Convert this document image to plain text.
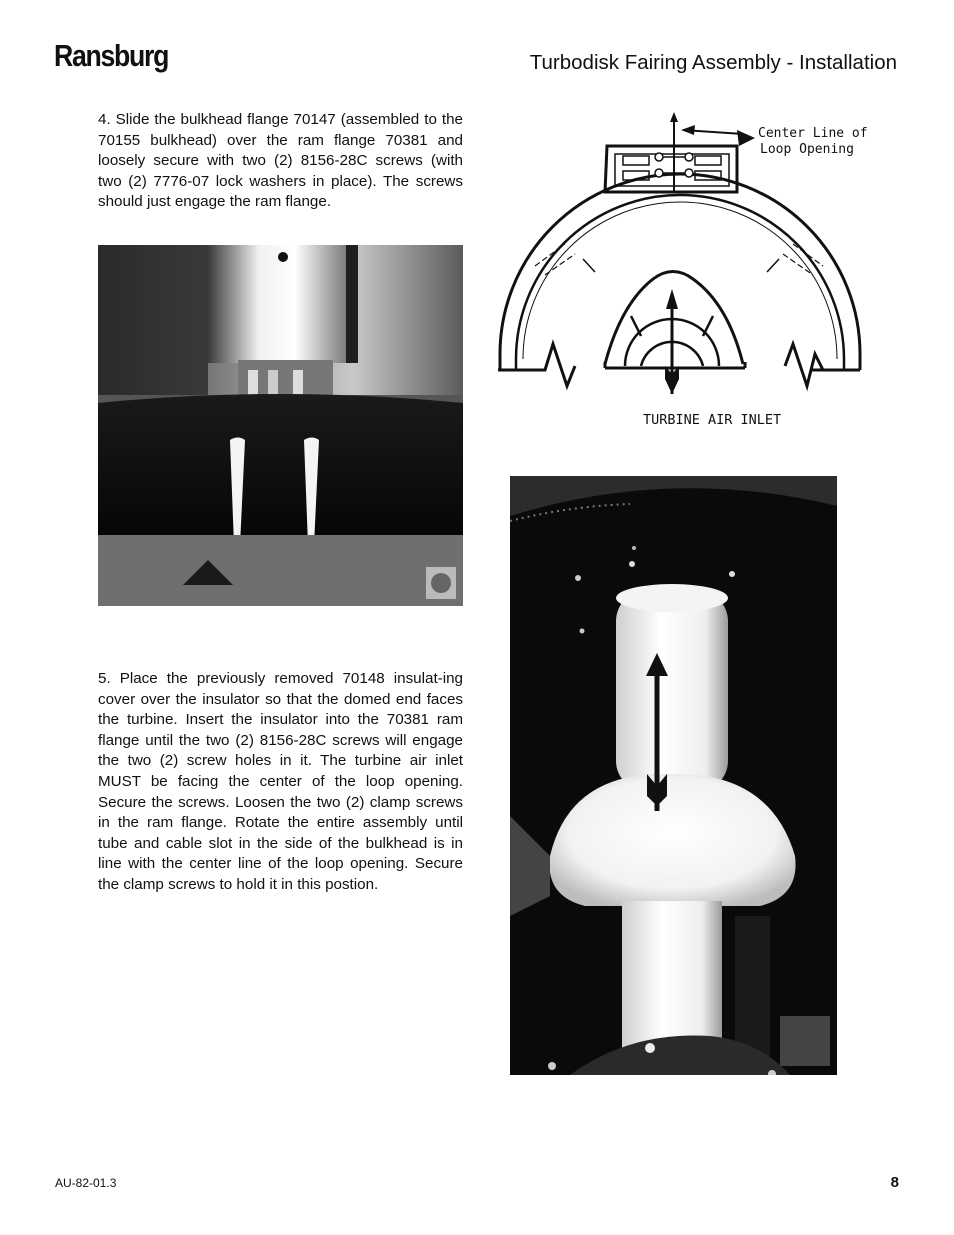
Ransburg	Turbodisk Fairing Assembly - Installation

4. Slide the bulkhead flange 70147 (assembled to the 70155 bulkhead) over the ram flange 70381 and loosely secure with two (2) 8156-28C screws (with two (2) 7776-07 lock washers in place). The screws should just engage the ram flange.

Center Line of
Loop Opening
TURBINE AIR INLET

5. Place the previously removed 70148 insulat-ing cover over the insulator so that the domed end faces the turbine. Insert the insulator into the 70381 ram flange until the two (2) 8156-28C screws will engage the two (2) screw holes in it. The turbine air inlet MUST be facing the center of the loop opening. Secure the screws. Loosen the two (2) clamp screws in the ram flange. Rotate the entire assembly until tube and cable slot in the side of the bulkhead is in line with the center line of the loop opening. Secure the clamp screws to hold it in this postion.

AU-82-01.3	8
